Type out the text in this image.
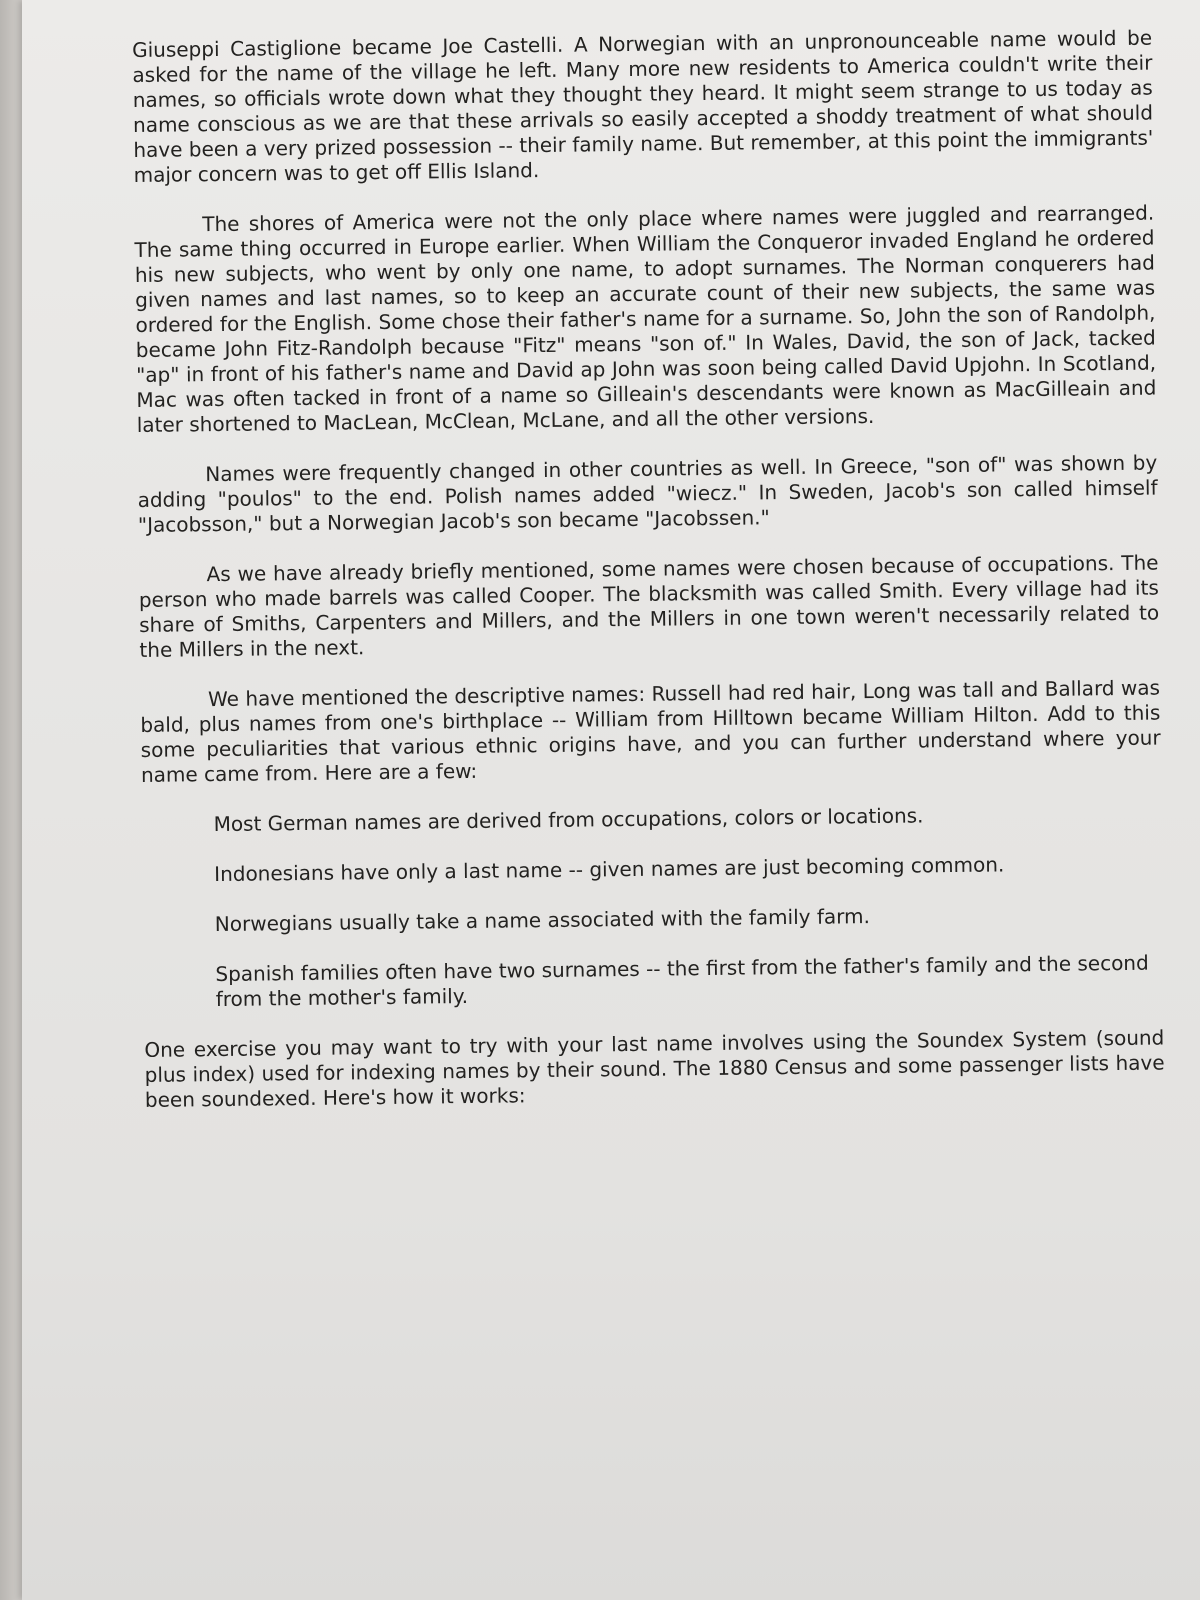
Giuseppi Castiglione became Joe Castelli. A Norwegian with an unpronounceable name would be asked for the name of the village he left. Many more new residents to America couldn't write their names, so officials wrote down what they thought they heard. It might seem strange to us today as name conscious as we are that these arrivals so easily accepted a shoddy treatment of what should have been a very prized possession -- their family name. But remember, at this point the immigrants' major concern was to get off Ellis Island.

The shores of America were not the only place where names were juggled and rearranged. The same thing occurred in Europe earlier. When William the Conqueror invaded England he ordered his new subjects, who went by only one name, to adopt surnames. The Norman conquerers had given names and last names, so to keep an accurate count of their new subjects, the same was ordered for the English. Some chose their father's name for a surname. So, John the son of Randolph, became John Fitz-Randolph because "Fitz" means "son of." In Wales, David, the son of Jack, tacked "ap" in front of his father's name and David ap John was soon being called David Upjohn. In Scotland, Mac was often tacked in front of a name so Gilleain's descendants were known as MacGilleain and later shortened to MacLean, McClean, McLane, and all the other versions.

Names were frequently changed in other countries as well. In Greece, "son of" was shown by adding "poulos" to the end. Polish names added "wiecz." In Sweden, Jacob's son called himself "Jacobsson," but a Norwegian Jacob's son became "Jacobssen."

As we have already briefly mentioned, some names were chosen because of occupations. The person who made barrels was called Cooper. The blacksmith was called Smith. Every village had its share of Smiths, Carpenters and Millers, and the Millers in one town weren't necessarily related to the Millers in the next.

We have mentioned the descriptive names: Russell had red hair, Long was tall and Ballard was bald, plus names from one's birthplace -- William from Hilltown became William Hilton. Add to this some peculiarities that various ethnic origins have, and you can further understand where your name came from. Here are a few:

Most German names are derived from occupations, colors or locations.

Indonesians have only a last name -- given names are just becoming common.

Norwegians usually take a name associated with the family farm.

Spanish families often have two surnames -- the first from the father's family and the second from the mother's family.

One exercise you may want to try with your last name involves using the Soundex System (sound plus index) used for indexing names by their sound. The 1880 Census and some passenger lists have been soundexed. Here's how it works:
